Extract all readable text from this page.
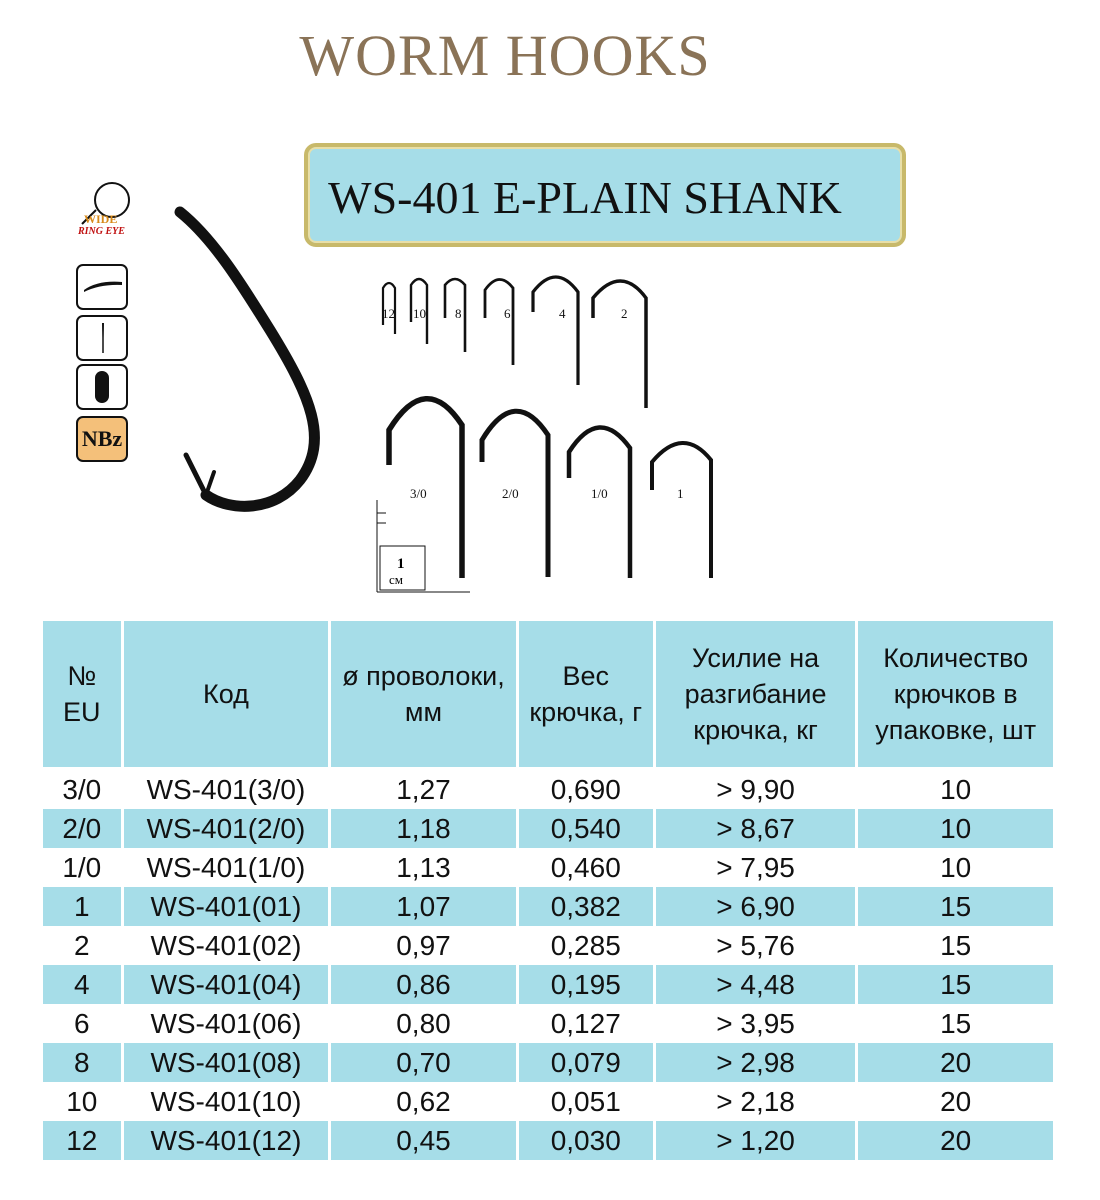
WORM HOOKS
WS-401 E-PLAIN SHANK
WIDE
RING EYE
NBz
12 10 8	6	4	2
3/0	2/0	1/0	1
1
см
№ EU	Код	ø проволоки, мм	Вес крючка, г	Усилие на разгибание крючка, кг	Количество крючков в упаковке, шт
3/0	WS-401(3/0)	1,27	0,690	> 9,90	10
2/0	WS-401(2/0)	1,18	0,540	> 8,67	10
1/0	WS-401(1/0)	1,13	0,460	> 7,95	10
1	WS-401(01)	1,07	0,382	> 6,90	15
2	WS-401(02)	0,97	0,285	> 5,76	15
4	WS-401(04)	0,86	0,195	> 4,48	15
6	WS-401(06)	0,80	0,127	> 3,95	15
8	WS-401(08)	0,70	0,079	> 2,98	20
10	WS-401(10)	0,62	0,051	> 2,18	20
12	WS-401(12)	0,45	0,030	> 1,20	20
